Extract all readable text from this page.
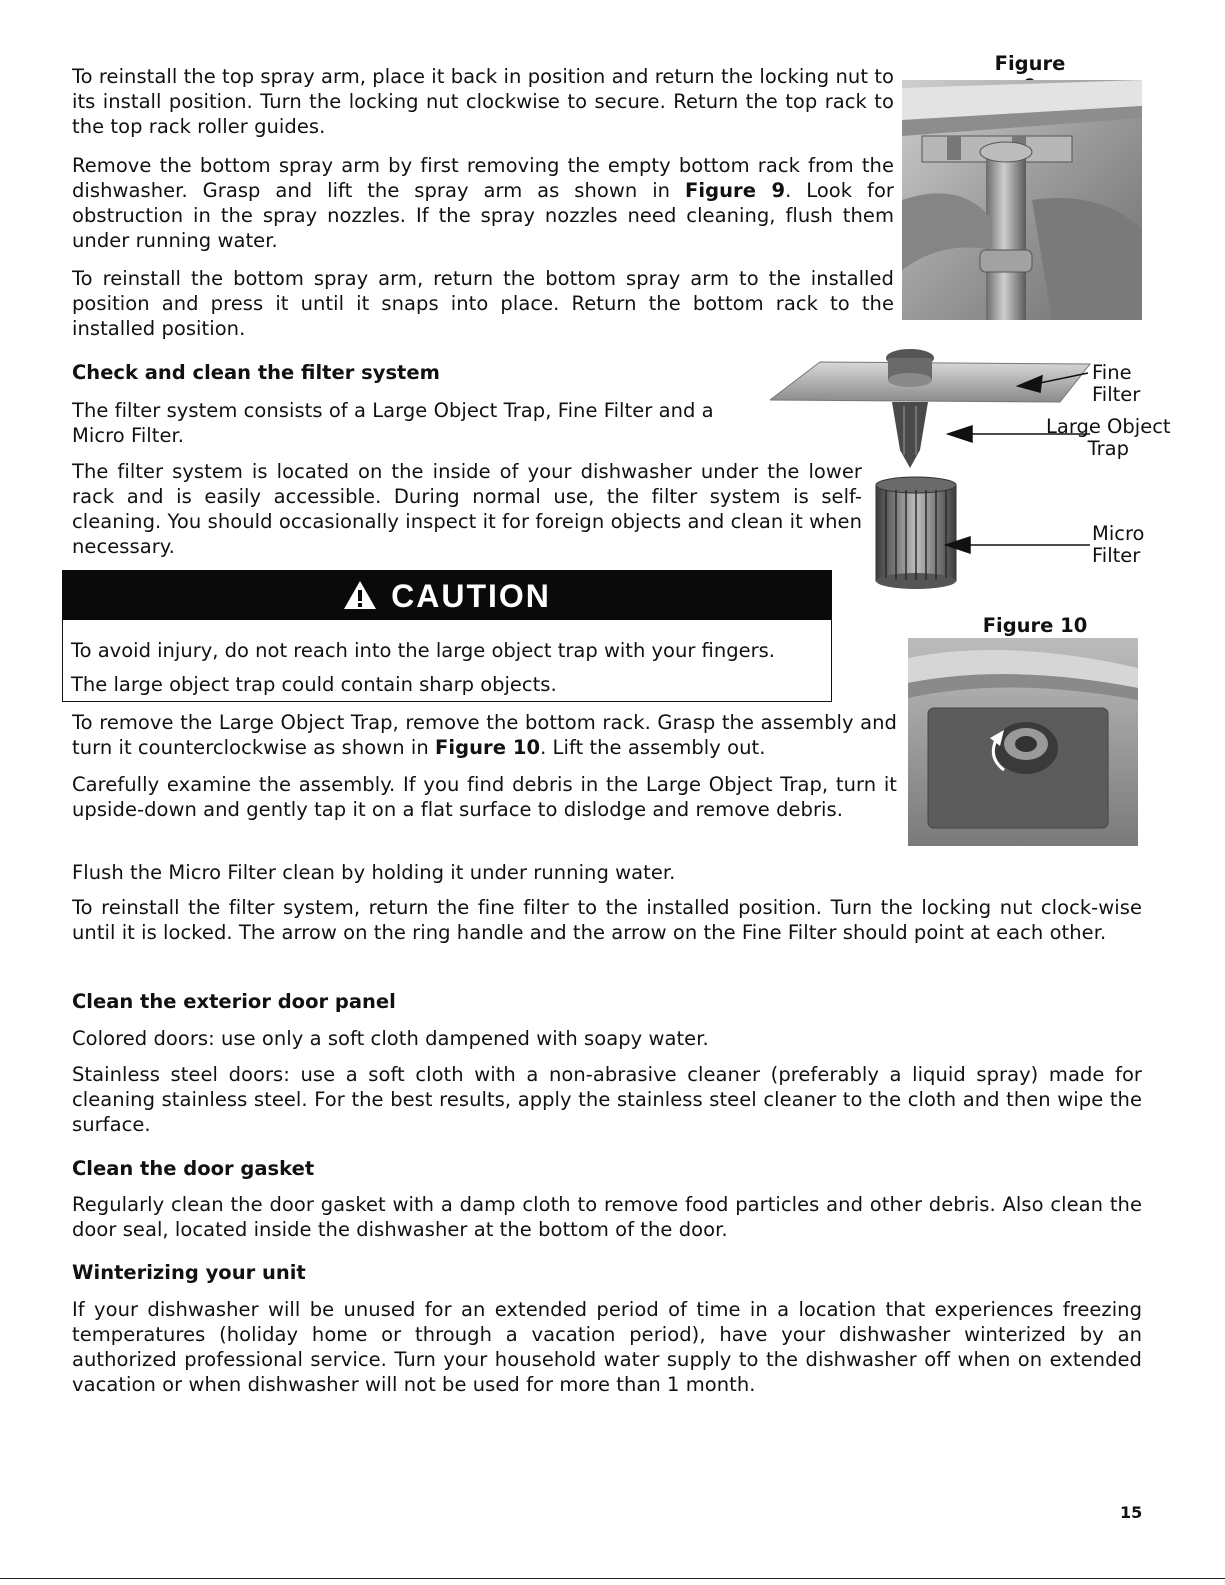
To reinstall the top spray arm, place it back in position and return the locking nut to its install position. Turn the locking nut clockwise to secure. Return the top rack to the top rack roller guides.

Remove the bottom spray arm by first removing the empty bottom rack from the dishwasher. Grasp and lift the spray arm as shown in Figure 9. Look for obstruction in the spray nozzles. If the spray nozzles need cleaning, flush them under running water.

To reinstall the bottom spray arm, return the bottom spray arm to the installed position and press it until it snaps into place. Return the bottom rack to the installed position.

Figure
Check and clean the filter system

The filter system consists of a Large Object Trap, Fine Filter and a Micro Filter.

The filter system is located on the inside of your dishwasher under the lower rack and is easily accessible. During normal use, the filter system is self-cleaning. You should occasionally inspect it for foreign objects and clean it when necessary.

Fine
Filter
Large Object
Trap
Micro
Filter
CAUTION
To avoid injury, do not reach into the large object trap with your fingers.
The large object trap could contain sharp objects.
Figure 10

To remove the Large Object Trap, remove the bottom rack. Grasp the assembly and turn it counterclockwise as shown in Figure 10. Lift the assembly out.

Carefully examine the assembly. If you find debris in the Large Object Trap, turn it upside-down and gently tap it on a flat surface to dislodge and remove debris.

Flush the Micro Filter clean by holding it under running water.

To reinstall the filter system, return the fine filter to the installed position. Turn the locking nut clock-wise until it is locked. The arrow on the ring handle and the arrow on the Fine Filter should point at each other.

Clean the exterior door panel

Colored doors: use only a soft cloth dampened with soapy water.

Stainless steel doors: use a soft cloth with a non-abrasive cleaner (preferably a liquid spray) made for cleaning stainless steel. For the best results, apply the stainless steel cleaner to the cloth and then wipe the surface.

Clean the door gasket

Regularly clean the door gasket with a damp cloth to remove food particles and other debris. Also clean the door seal, located inside the dishwasher at the bottom of the door.

Winterizing your unit

If your dishwasher will be unused for an extended period of time in a location that experiences freezing temperatures (holiday home or through a vacation period), have your dishwasher winterized by an authorized professional service. Turn your household water supply to the dishwasher off when on extended vacation or when dishwasher will not be used for more than 1 month.

15
